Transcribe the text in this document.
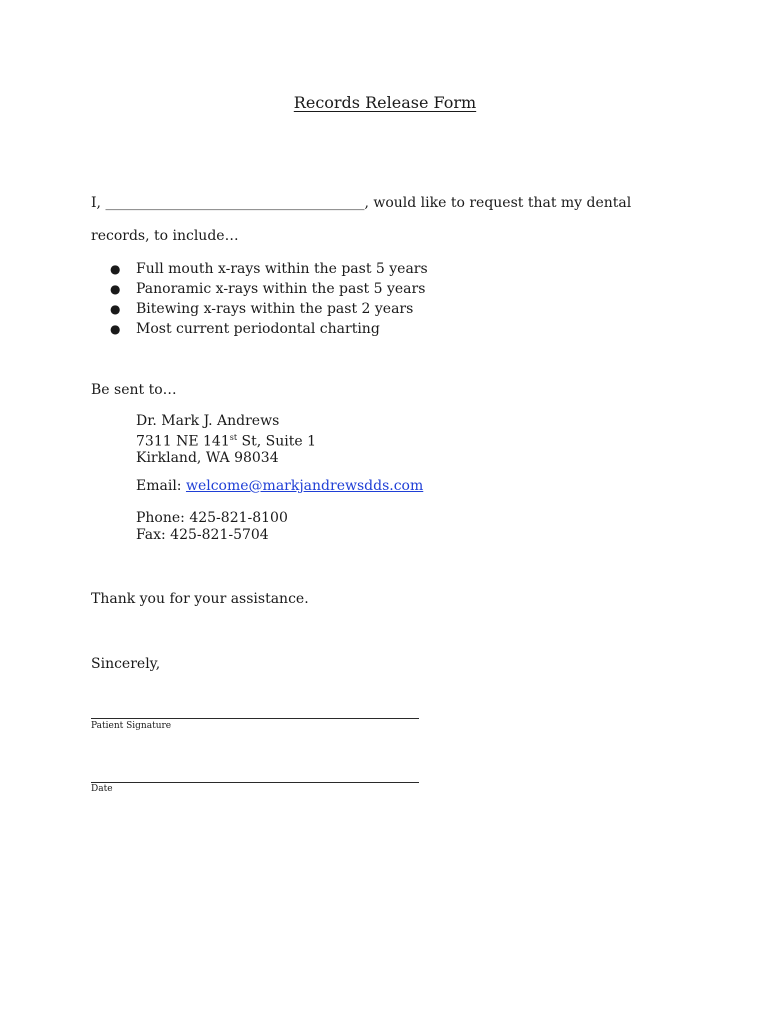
Records Release Form
I, _____________________________________, would like to request that my dental
records, to include…
●	Full mouth x-rays within the past 5 years
●	Panoramic x-rays within the past 5 years
●	Bitewing x-rays within the past 2 years
●	Most current periodontal charting
Be sent to…
Dr. Mark J. Andrews
7311 NE 141st St, Suite 1
Kirkland, WA 98034
Email: welcome@markjandrewsdds.com
Phone: 425-821-8100
Fax: 425-821-5704
Thank you for your assistance.
Sincerely,
Patient Signature
Date
